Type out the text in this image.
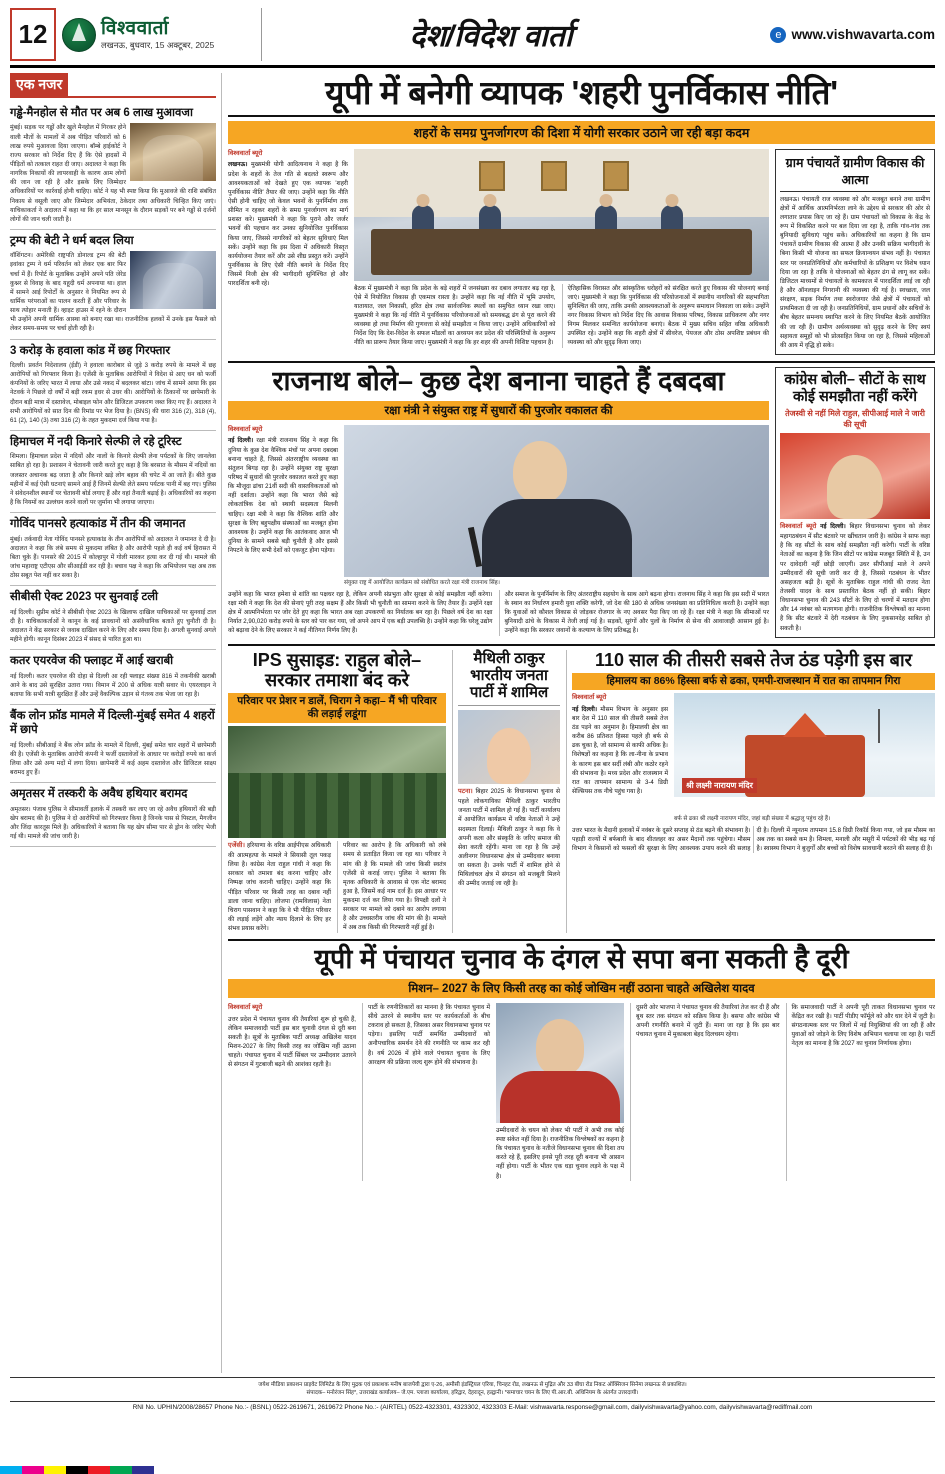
12	विश्ववार्ता
लखनऊ, बुधवार, 15 अक्टूबर, 2025	देश/विदेश वार्ता	e www.vishwavarta.com
एक नजर
गड्ढे-मैनहोल से मौत पर अब 6 लाख मुआवजा
मुंबई। सड़क पर गड्ढों और खुले मैनहोल में गिरकर होने वाली मौतों के मामलों में अब पीड़ित परिवारों को 6 लाख रुपये मुआवजा दिया जाएगा। बॉम्बे हाईकोर्ट ने राज्य सरकार को निर्देश दिए हैं कि ऐसे हादसों में पीड़ितों को तत्काल राहत दी जाए। अदालत ने कहा कि नागरिक निकायों की लापरवाही के कारण आम लोगों की जान जा रही है और इसके लिए जिम्मेदार अधिकारियों पर कार्रवाई होनी चाहिए। कोर्ट ने यह भी स्पष्ट किया कि मुआवजे की राशि संबंधित निकाय से वसूली जाए और जिम्मेदार अभियंता, ठेकेदार तथा अधिकारी चिन्हित किए जाएं। याचिकाकर्ता ने अदालत में कहा था कि हर साल मानसून के दौरान सड़कों पर बने गड्ढों से दर्जनों लोगों की जान चली जाती है।
ट्रम्प की बेटी ने धर्म बदल लिया
वॉशिंगटन। अमेरिकी राष्ट्रपति डोनाल्ड ट्रम्प की बेटी इवांका ट्रम्प ने धर्म परिवर्तन को लेकर एक बार फिर चर्चा में हैं। रिपोर्ट के मुताबिक उन्होंने अपने पति जेरेड कुश्नर से विवाह के बाद यहूदी धर्म अपनाया था। हाल में सामने आई रिपोर्टों के अनुसार वे नियमित रूप से धार्मिक परंपराओं का पालन करती हैं और परिवार के साथ त्योहार मनाती हैं। व्हाइट हाउस में रहने के दौरान भी उन्होंने अपनी धार्मिक आस्था को बनाए रखा था। राजनीतिक हलकों में उनके इस फैसले को लेकर समय-समय पर चर्चा होती रही है।
3 करोड़ के हवाला कांड में छह गिरफ्तार
दिल्ली। प्रवर्तन निदेशालय (ईडी) ने हवाला कारोबार से जुड़े 3 करोड़ रुपये के मामले में छह आरोपियों को गिरफ्तार किया है। एजेंसी के मुताबिक आरोपियों ने विदेश से आए धन को फर्जी कंपनियों के जरिए भारत में लाया और उसे नकद में बदलकर बांटा। जांच में सामने आया कि इस नेटवर्क ने पिछले दो वर्षों में बड़ी रकम इधर से उधर की। आरोपियों के ठिकानों पर छापेमारी के दौरान बड़ी मात्रा में दस्तावेज, मोबाइल फोन और डिजिटल उपकरण जब्त किए गए हैं। अदालत ने सभी आरोपियों को सात दिन की रिमांड पर भेज दिया है। (BNS) की धारा 316 (2), 318 (4), 61 (2), 140 (3) तथा 316 (2) के तहत मुकदमा दर्ज किया गया है।
हिमाचल में नदी किनारे सेल्फी ले रहे टूरिस्ट
शिमला। हिमाचल प्रदेश में नदियों और नालों के किनारे सेल्फी लेना पर्यटकों के लिए जानलेवा साबित हो रहा है। प्रशासन ने चेतावनी जारी करते हुए कहा है कि बरसात के मौसम में नदियों का जलस्तर अचानक बढ़ जाता है और किनारे खड़े लोग बहाव की चपेट में आ जाते हैं। बीते कुछ महीनों में कई ऐसी घटनाएं सामने आई हैं जिनमें सेल्फी लेते समय पर्यटक पानी में बह गए। पुलिस ने संवेदनशील स्थानों पर चेतावनी बोर्ड लगाए हैं और वहां तैनाती बढ़ाई है। अधिकारियों का कहना है कि नियमों का उल्लंघन करने वालों पर जुर्माना भी लगाया जाएगा।
गोविंद पानसरे हत्याकांड में तीन की जमानत
मुंबई। तर्कवादी नेता गोविंद पानसरे हत्याकांड के तीन आरोपियों को अदालत ने जमानत दे दी है। अदालत ने कहा कि लंबे समय से मुकदमा लंबित है और आरोपी पहले ही कई वर्ष हिरासत में बिता चुके हैं। पानसरे की 2015 में कोल्हापुर में गोली मारकर हत्या कर दी गई थी। मामले की जांच महाराष्ट्र एटीएस और सीआईडी कर रही है। बचाव पक्ष ने कहा कि अभियोजन पक्ष अब तक ठोस सबूत पेश नहीं कर सका है।
सीबीसी ऐक्ट 2023 पर सुनवाई टली
नई दिल्ली। सुप्रीम कोर्ट ने सीबीसी ऐक्ट 2023 के खिलाफ दाखिल याचिकाओं पर सुनवाई टाल दी है। याचिकाकर्ताओं ने कानून के कई प्रावधानों को असंवैधानिक बताते हुए चुनौती दी है। अदालत ने केंद्र सरकार से जवाब दाखिल करने के लिए और समय दिया है। अगली सुनवाई अगले महीने होगी। कानून दिसंबर 2023 में संसद से पारित हुआ था।
कतर एयरवेज की फ्लाइट में आई खराबी
नई दिल्ली। कतर एयरवेज की दोहा से दिल्ली आ रही फ्लाइट संख्या 816 में तकनीकी खराबी आने के बाद उसे सुरक्षित उतारा गया। विमान में 200 से अधिक यात्री सवार थे। एयरलाइन ने बताया कि सभी यात्री सुरक्षित हैं और उन्हें वैकल्पिक उड़ान से गंतव्य तक भेजा जा रहा है।
बैंक लोन फ्रॉड मामले में दिल्ली-मुंबई समेत 4 शहरों में छापे
नई दिल्ली। सीबीआई ने बैंक लोन फ्रॉड के मामले में दिल्ली, मुंबई समेत चार शहरों में छापेमारी की है। एजेंसी के मुताबिक आरोपी कंपनी ने फर्जी दस्तावेजों के आधार पर करोड़ों रुपये का कर्ज लिया और उसे अन्य मदों में लगा दिया। छापेमारी में कई अहम दस्तावेज और डिजिटल साक्ष्य बरामद हुए हैं।
अमृतसर में तस्करी के अवैध हथियार बरामद
अमृतसर। पंजाब पुलिस ने सीमावर्ती इलाके में तस्करी कर लाए जा रहे अवैध हथियारों की बड़ी खेप बरामद की है। पुलिस ने दो आरोपियों को गिरफ्तार किया है जिनके पास से पिस्टल, मैगजीन और जिंदा कारतूस मिले हैं। अधिकारियों ने बताया कि यह खेप सीमा पार से ड्रोन के जरिए भेजी गई थी। मामले की जांच जारी है।
यूपी में बनेगी व्यापक 'शहरी पुनर्विकास नीति'
शहरों के समग्र पुनर्जागरण की दिशा में योगी सरकार उठाने जा रही बड़ा कदम
विश्ववार्ता ब्यूरो
लखनऊ। मुख्यमंत्री योगी आदित्यनाथ ने कहा है कि प्रदेश के शहरों के तेज गति से बदलते स्वरूप और आवश्यकताओं को देखते हुए एक व्यापक 'शहरी पुनर्विकास नीति' तैयार की जाए। उन्होंने कहा कि नीति ऐसी होनी चाहिए जो केवल भवनों के पुनर्निर्माण तक सीमित न रहकर शहरों के समग्र पुनर्जागरण का मार्ग प्रशस्त करे। मुख्यमंत्री ने कहा कि पुराने और जर्जर भवनों की पहचान कर उनका सुनियोजित पुनर्विकास किया जाए, जिससे नागरिकों को बेहतर सुविधाएं मिल सकें। उन्होंने कहा कि इस दिशा में अधिकारी विस्तृत कार्ययोजना तैयार करें और उसे शीघ्र प्रस्तुत करें। उन्होंने पुनर्विकास के लिए ऐसी नीति बनाने के निर्देश दिए जिसमें निजी क्षेत्र की भागीदारी सुनिश्चित हो और पारदर्शिता बनी रहे।
बैठक में मुख्यमंत्री ने कहा कि प्रदेश के बड़े शहरों में जनसंख्या का दबाव लगातार बढ़ रहा है, ऐसे में नियोजित विकास ही एकमात्र रास्ता है। उन्होंने कहा कि नई नीति में भूमि उपयोग, यातायात, जल निकासी, हरित क्षेत्र तथा सार्वजनिक स्थलों का समुचित ध्यान रखा जाए। मुख्यमंत्री ने कहा कि नई नीति में पुनर्विकास परियोजनाओं को समयबद्ध ढंग से पूरा करने की व्यवस्था हो तथा निर्माण की गुणवत्ता से कोई समझौता न किया जाए। उन्होंने अधिकारियों को निर्देश दिए कि देश-विदेश के सफल मॉडलों का अध्ययन कर प्रदेश की परिस्थितियों के अनुरूप नीति का प्रारूप तैयार किया जाए। मुख्यमंत्री ने कहा कि हर शहर की अपनी विशिष्ट पहचान है।
ऐतिहासिक विरासत और सांस्कृतिक धरोहरों को संरक्षित करते हुए विकास की योजनाएं बनाई जाएं। मुख्यमंत्री ने कहा कि पुनर्विकास की परियोजनाओं में स्थानीय नागरिकों की सहभागिता सुनिश्चित की जाए, ताकि उनकी आवश्यकताओं के अनुरूप समाधान निकाला जा सके। उन्होंने नगर विकास विभाग को निर्देश दिए कि आवास विकास परिषद, विकास प्राधिकरण और नगर निगम मिलकर समन्वित कार्ययोजना बनाएं। बैठक में मुख्य सचिव सहित वरिष्ठ अधिकारी उपस्थित रहे। उन्होंने कहा कि शहरी क्षेत्रों में सीवरेज, पेयजल और ठोस अपशिष्ट प्रबंधन की व्यवस्था को और सुदृढ़ किया जाए।
ग्राम पंचायतें ग्रामीण विकास की आत्मा
लखनऊ। पंचायती राज व्यवस्था को और मजबूत बनाने तथा ग्रामीण क्षेत्रों में आर्थिक आत्मनिर्भरता लाने के उद्देश्य से सरकार की ओर से लगातार प्रयास किए जा रहे हैं। ग्राम पंचायतों को विकास के केंद्र के रूप में विकसित करने पर बल दिया जा रहा है, ताकि गांव-गांव तक बुनियादी सुविधाएं पहुंच सकें। अधिकारियों का कहना है कि ग्राम पंचायतें ग्रामीण विकास की आत्मा हैं और उनकी सक्रिय भागीदारी के बिना किसी भी योजना का सफल क्रियान्वयन संभव नहीं है। पंचायत स्तर पर जनप्रतिनिधियों और कर्मचारियों के प्रशिक्षण पर विशेष ध्यान दिया जा रहा है ताकि वे योजनाओं को बेहतर ढंग से लागू कर सकें। डिजिटल माध्यमों से पंचायतों के कामकाज में पारदर्शिता लाई जा रही है और ऑनलाइन निगरानी की व्यवस्था की गई है। स्वच्छता, जल संरक्षण, सड़क निर्माण तथा स्वरोजगार जैसे क्षेत्रों में पंचायतों को प्राथमिकता दी जा रही है। जनप्रतिनिधियों, ग्राम प्रधानों और सचिवों के बीच बेहतर समन्वय स्थापित करने के लिए नियमित बैठकें आयोजित की जा रही हैं। ग्रामीण अर्थव्यवस्था को सुदृढ़ करने के लिए स्वयं सहायता समूहों को भी प्रोत्साहित किया जा रहा है, जिससे महिलाओं की आय में वृद्धि हो सके।
राजनाथ बोले– कुछ देश बनाना चाहते हैं दबदबा
रक्षा मंत्री ने संयुक्त राष्ट्र में सुधारों की पुरजोर वकालत की
विश्ववार्ता ब्यूरो
नई दिल्ली। रक्षा मंत्री राजनाथ सिंह ने कहा कि दुनिया के कुछ देश वैश्विक मंचों पर अपना दबदबा बनाना चाहते हैं, जिससे अंतरराष्ट्रीय व्यवस्था का संतुलन बिगड़ रहा है। उन्होंने संयुक्त राष्ट्र सुरक्षा परिषद में सुधारों की पुरजोर वकालत करते हुए कहा कि मौजूदा ढांचा 21वीं सदी की वास्तविकताओं को नहीं दर्शाता। उन्होंने कहा कि भारत जैसे बड़े लोकतांत्रिक देश को स्थायी सदस्यता मिलनी चाहिए। रक्षा मंत्री ने कहा कि वैश्विक शांति और सुरक्षा के लिए बहुपक्षीय संस्थाओं का मजबूत होना आवश्यक है। उन्होंने कहा कि आतंकवाद आज भी दुनिया के सामने सबसे बड़ी चुनौती है और इससे निपटने के लिए सभी देशों को एकजुट होना पड़ेगा।
संयुक्त राष्ट्र में आयोजित कार्यक्रम को संबोधित करते रक्षा मंत्री राजनाथ सिंह।
उन्होंने कहा कि भारत हमेशा से शांति का पक्षधर रहा है, लेकिन अपनी संप्रभुता और सुरक्षा से कोई समझौता नहीं करेगा। रक्षा मंत्री ने कहा कि देश की सेनाएं पूरी तरह सक्षम हैं और किसी भी चुनौती का सामना करने के लिए तैयार हैं। उन्होंने रक्षा क्षेत्र में आत्मनिर्भरता पर जोर देते हुए कहा कि भारत अब रक्षा उपकरणों का निर्यातक बन रहा है। पिछले वर्ष देश का रक्षा निर्यात 2,90,020 करोड़ रुपये के स्तर को पार कर गया, जो अपने आप में एक बड़ी उपलब्धि है। उन्होंने कहा कि घरेलू उद्योग को बढ़ावा देने के लिए सरकार ने कई नीतिगत निर्णय लिए हैं।
और समाज के पुनर्निर्माण के लिए अंतरराष्ट्रीय सहयोग के साथ आगे बढ़ना होगा। राजनाथ सिंह ने कहा कि इस सदी में भारत के स्थान का निर्धारण हमारी युवा शक्ति करेगी, जो देश की 180 से अधिक जनसंख्या का प्रतिनिधित्व करती है। उन्होंने कहा कि युवाओं को कौशल विकास से जोड़कर रोजगार के नए अवसर पैदा किए जा रहे हैं। रक्षा मंत्री ने कहा कि सीमाओं पर बुनियादी ढांचे के विकास में तेजी लाई गई है। सड़कों, सुरंगों और पुलों के निर्माण से सेना की आवाजाही आसान हुई है। उन्होंने कहा कि सरकार जवानों के कल्याण के लिए प्रतिबद्ध है।
कांग्रेस बोली– सीटों के साथ कोई समझौता नहीं करेंगे
तेजस्वी से नहीं मिले राहुल, सीपीआई माले ने जारी की सूची
विश्ववार्ता ब्यूरो नई दिल्ली। बिहार विधानसभा चुनाव को लेकर महागठबंधन में सीट बंटवारे पर खींचतान जारी है। कांग्रेस ने साफ कहा है कि वह सीटों के साथ कोई समझौता नहीं करेगी। पार्टी के वरिष्ठ नेताओं का कहना है कि जिन सीटों पर कांग्रेस मजबूत स्थिति में है, उन पर दावेदारी नहीं छोड़ी जाएगी। उधर सीपीआई माले ने अपने उम्मीदवारों की सूची जारी कर दी है, जिससे गठबंधन के भीतर असहजता बढ़ी है। सूत्रों के मुताबिक राहुल गांधी की राजद नेता तेजस्वी यादव के साथ प्रस्तावित बैठक नहीं हो सकी। बिहार विधानसभा चुनाव की 243 सीटों के लिए दो चरणों में मतदान होगा और 14 नवंबर को मतगणना होगी। राजनीतिक विश्लेषकों का मानना है कि सीट बंटवारे में देरी गठबंधन के लिए नुकसानदेह साबित हो सकती है।
IPS सुसाइड: राहुल बोले– सरकार तमाशा बंद करे
परिवार पर प्रेशर न डालें, चिराग ने कहा– मैं भी परिवार की लड़ाई लडूंगा
एजेंसी। हरियाणा के वरिष्ठ आईपीएस अधिकारी की आत्महत्या के मामले ने सियासी तूल पकड़ लिया है। कांग्रेस नेता राहुल गांधी ने कहा कि सरकार को तमाशा बंद करना चाहिए और निष्पक्ष जांच करानी चाहिए। उन्होंने कहा कि पीड़ित परिवार पर किसी तरह का दबाव नहीं डाला जाना चाहिए। लोजपा (रामविलास) नेता चिराग पासवान ने कहा कि वे भी पीड़ित परिवार की लड़ाई लड़ेंगे और न्याय दिलाने के लिए हर संभव प्रयास करेंगे।
परिवार का आरोप है कि अधिकारी को लंबे समय से प्रताड़ित किया जा रहा था। परिवार ने मांग की है कि मामले की जांच किसी स्वतंत्र एजेंसी से कराई जाए। पुलिस ने बताया कि मृतक अधिकारी के आवास से एक नोट बरामद हुआ है, जिसमें कई नाम दर्ज हैं। इस आधार पर मुकदमा दर्ज कर लिया गया है। विपक्षी दलों ने सरकार पर मामले को दबाने का आरोप लगाया है और उच्चस्तरीय जांच की मांग की है। मामले में अब तक किसी की गिरफ्तारी नहीं हुई है।
मैथिली ठाकुर भारतीय जनता पार्टी में शामिल
पटना। बिहार 2025 के विधानसभा चुनाव से पहले लोकगायिका मैथिली ठाकुर भारतीय जनता पार्टी में शामिल हो गई हैं। पार्टी कार्यालय में आयोजित कार्यक्रम में वरिष्ठ नेताओं ने उन्हें सदस्यता दिलाई। मैथिली ठाकुर ने कहा कि वे अपनी कला और संस्कृति के जरिए समाज की सेवा करती रहेंगी। माना जा रहा है कि उन्हें अलीनगर विधानसभा क्षेत्र से उम्मीदवार बनाया जा सकता है। उनके पार्टी में शामिल होने से मिथिलांचल क्षेत्र में संगठन को मजबूती मिलने की उम्मीद जताई जा रही है।
110 साल की तीसरी सबसे तेज ठंड पड़ेगी इस बार
हिमालय का 86% हिस्सा बर्फ से ढका, एमपी-राजस्थान में रात का तापमान गिरा
विश्ववार्ता ब्यूरो
नई दिल्ली। मौसम विभाग के अनुसार इस बार देश में 110 साल की तीसरी सबसे तेज ठंड पड़ने का अनुमान है। हिमालयी क्षेत्र का करीब 86 प्रतिशत हिस्सा पहले ही बर्फ से ढक चुका है, जो सामान्य से काफी अधिक है। विशेषज्ञों का कहना है कि ला-नीना के प्रभाव के कारण इस बार सर्दी लंबी और कठोर रहने की संभावना है। मध्य प्रदेश और राजस्थान में रात का तापमान सामान्य से 3-4 डिग्री सेल्सियस तक नीचे पहुंच गया है।
श्री लक्ष्मी नारायण मंदिर
बर्फ से ढका श्री लक्ष्मी नारायण मंदिर, जहां बड़ी संख्या में श्रद्धालु पहुंच रहे हैं।
उत्तर भारत के मैदानी इलाकों में नवंबर के दूसरे सप्ताह से ठंड बढ़ने की संभावना है। पहाड़ी राज्यों में बर्फबारी के बाद शीतलहर का असर मैदानों तक पहुंचेगा। मौसम विभाग ने किसानों को फसलों की सुरक्षा के लिए आवश्यक उपाय करने की सलाह दी है। दिल्ली में न्यूनतम तापमान 15.8 डिग्री रिकॉर्ड किया गया, जो इस मौसम का अब तक का सबसे कम है। शिमला, मनाली और मसूरी में पर्यटकों की भीड़ बढ़ गई है। स्वास्थ्य विभाग ने बुजुर्गों और बच्चों को विशेष सावधानी बरतने की सलाह दी है।
यूपी में पंचायत चुनाव के दंगल से सपा बना सकती है दूरी
मिशन– 2027 के लिए किसी तरह का कोई जोखिम नहीं उठाना चाहते अखिलेश यादव
विश्ववार्ता ब्यूरो
उत्तर प्रदेश में पंचायत चुनाव की तैयारियां शुरू हो चुकी हैं, लेकिन समाजवादी पार्टी इस बार चुनावी दंगल से दूरी बना सकती है। सूत्रों के मुताबिक पार्टी अध्यक्ष अखिलेश यादव मिशन-2027 के लिए किसी तरह का जोखिम नहीं उठाना चाहते। पंचायत चुनाव में पार्टी सिंबल पर उम्मीदवार उतारने से संगठन में गुटबाजी बढ़ने की आशंका रहती है।
पार्टी के रणनीतिकारों का मानना है कि पंचायत चुनाव में सीधे उतरने से स्थानीय स्तर पर कार्यकर्ताओं के बीच टकराव हो सकता है, जिसका असर विधानसभा चुनाव पर पड़ेगा। इसलिए पार्टी समर्थित उम्मीदवारों को अनौपचारिक समर्थन देने की रणनीति पर काम कर रही है। वर्ष 2026 में होने वाले पंचायत चुनाव के लिए आरक्षण की प्रक्रिया जल्द शुरू होने की संभावना है।
उम्मीदवारों के चयन को लेकर भी पार्टी ने अभी तक कोई स्पष्ट संकेत नहीं दिया है। राजनीतिक विश्लेषकों का कहना है कि पंचायत चुनाव के नतीजे विधानसभा चुनाव की दिशा तय करते रहे हैं, इसलिए इनसे पूरी तरह दूरी बनाना भी आसान नहीं होगा। पार्टी के भीतर एक धड़ा चुनाव लड़ने के पक्ष में है।
दूसरी ओर भाजपा ने पंचायत चुनाव की तैयारियां तेज कर दी हैं और बूथ स्तर तक संगठन को सक्रिय किया है। बसपा और कांग्रेस भी अपनी रणनीति बनाने में जुटी हैं। माना जा रहा है कि इस बार पंचायत चुनाव में मुकाबला बेहद दिलचस्प रहेगा।
कि समाजवादी पार्टी ने अपनी पूरी ताकत विधानसभा चुनाव पर केंद्रित कर रखी है। पार्टी पीडीए फॉर्मूले को और धार देने में जुटी है। संगठनात्मक स्तर पर जिलों में नई नियुक्तियां की जा रही हैं और युवाओं को जोड़ने के लिए विशेष अभियान चलाया जा रहा है। पार्टी नेतृत्व का मानना है कि 2027 का चुनाव निर्णायक होगा।
जयेश मीडिया प्रकाशन प्राइवेट लिमिटेड के लिए मुद्रक एवं प्रकाशक मनीष बाजपेयी द्वारा ए-26, अमौसी इंडस्ट्रियल एरिया, चिनहट रोड, लखनऊ से मुद्रित और 33 बीघा रोड निकट ऑक्सिजन सिनेमा लखनऊ से प्रकाशित।
संपादक– मनोरंजन सिंह*, उत्तराखंड कार्यालय– जे.एम. प्लाजा कार्यालय, हरिद्वार, देहरादून, हल्द्वानी। *समाचार चयन के लिए पी.आर.बी. अधिनियम के अंतर्गत उत्तरदायी।
RNI No. UPHIN/2008/28657 Phone No.:- (BSNL) 0522-2619671, 2619672 Phone No.:- (AIRTEL) 0522-4323301, 4323302, 4323303 E-Mail: vishwavarta.response@gmail.com, dailyvishwavarta@yahoo.com, dailyvishwavarta@rediffmail.com
